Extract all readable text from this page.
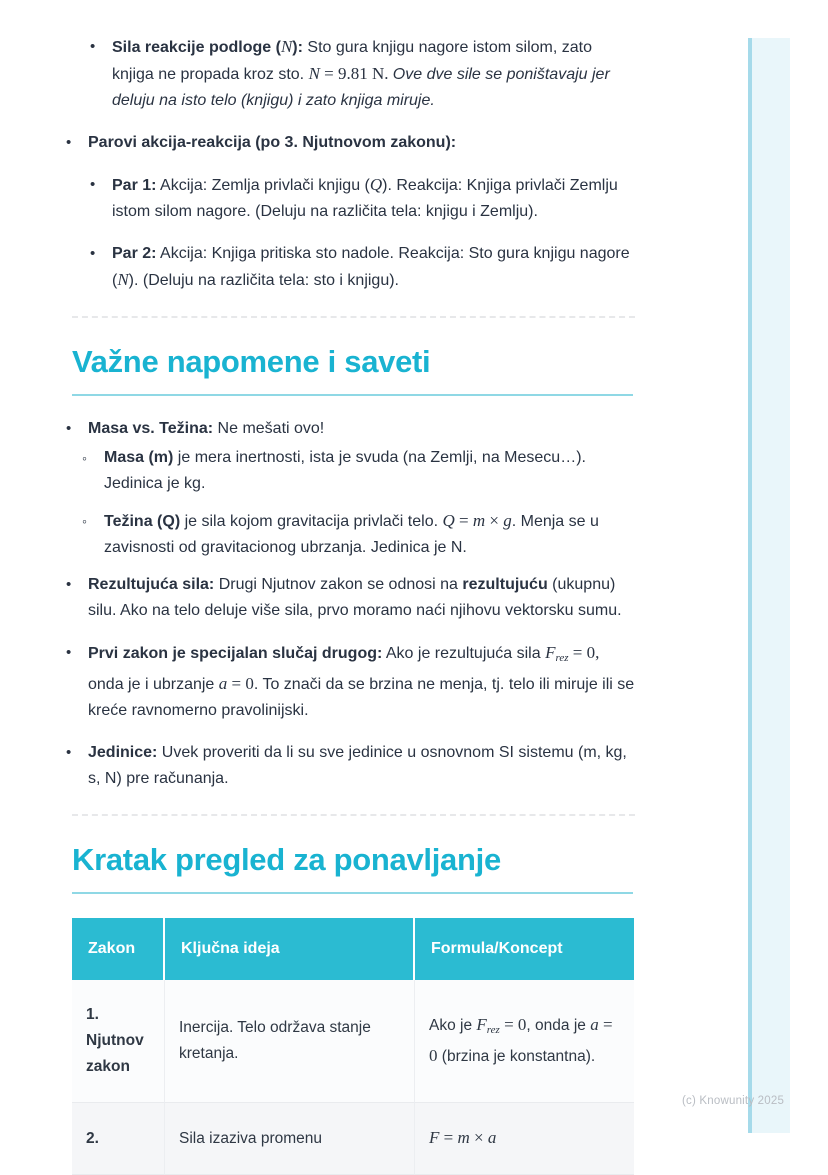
•	Sila reakcije podloge (N): Sto gura knjigu nagore istom silom, zato knjiga ne propada kroz sto. N = 9.81 N. Ove dve sile se poništavaju jer deluju na isto telo (knjigu) i zato knjiga miruje.
•	Parovi akcija-reakcija (po 3. Njutnovom zakonu):
•	Par 1: Akcija: Zemlja privlači knjigu (Q). Reakcija: Knjiga privlači Zemlju istom silom nagore. (Deluju na različita tela: knjigu i Zemlju).
•	Par 2: Akcija: Knjiga pritiska sto nadole. Reakcija: Sto gura knjigu nagore (N). (Deluju na različita tela: sto i knjigu).
Važne napomene i saveti
•	Masa vs. Težina: Ne mešati ovo!
◦	Masa (m) je mera inertnosti, ista je svuda (na Zemlji, na Mesecu…). Jedinica je kg.
◦	Težina (Q) je sila kojom gravitacija privlači telo. Q = m × g. Menja se u zavisnosti od gravitacionog ubrzanja. Jedinica je N.
•	Rezultujuća sila: Drugi Njutnov zakon se odnosi na rezultujuću (ukupnu) silu. Ako na telo deluje više sila, prvo moramo naći njihovu vektorsku sumu.
•	Prvi zakon je specijalan slučaj drugog: Ako je rezultujuća sila Frez = 0, onda je i ubrzanje a = 0. To znači da se brzina ne menja, tj. telo ili miruje ili se kreće ravnomerno pravolinijski.
•	Jedinice: Uvek proveriti da li su sve jedinice u osnovnom SI sistemu (m, kg, s, N) pre računanja.
Kratak pregled za ponavljanje
Zakon	Ključna ideja	Formula/Koncept
1. Njutnov zakon	Inercija. Telo održava stanje kretanja.	Ako je Frez = 0, onda je a = 0 (brzina je konstantna).
2.	Sila izaziva promenu	F = m × a
(c) Knowunity 2025
